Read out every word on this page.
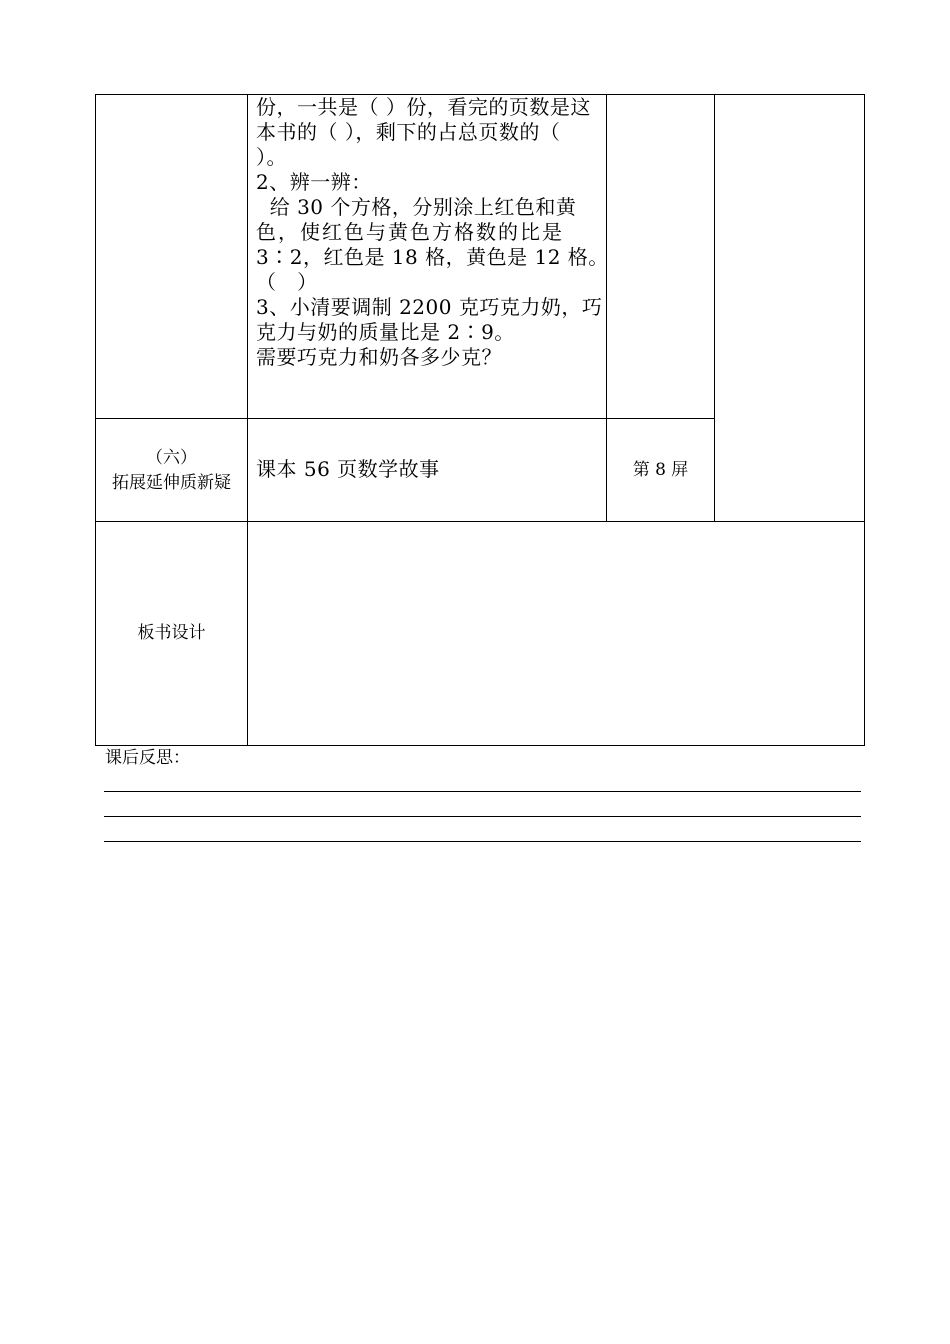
份，一共是（ ）份，看完的页数是这
本书的（ ），剩下的占总页数的（
）。
2、辨一辨：
给 30 个方格，分别涂上红色和黄
色，使红色与黄色方格数的比是
3∶2，红色是 18 格，黄色是 12 格。
（   ）
3、小清要调制 2200 克巧克力奶，巧
克力与奶的质量比是 2∶9。
需要巧克力和奶各多少克？
（六）
拓展延伸质新疑
课本 56 页数学故事	第 8 屏
板书设计
课后反思：
